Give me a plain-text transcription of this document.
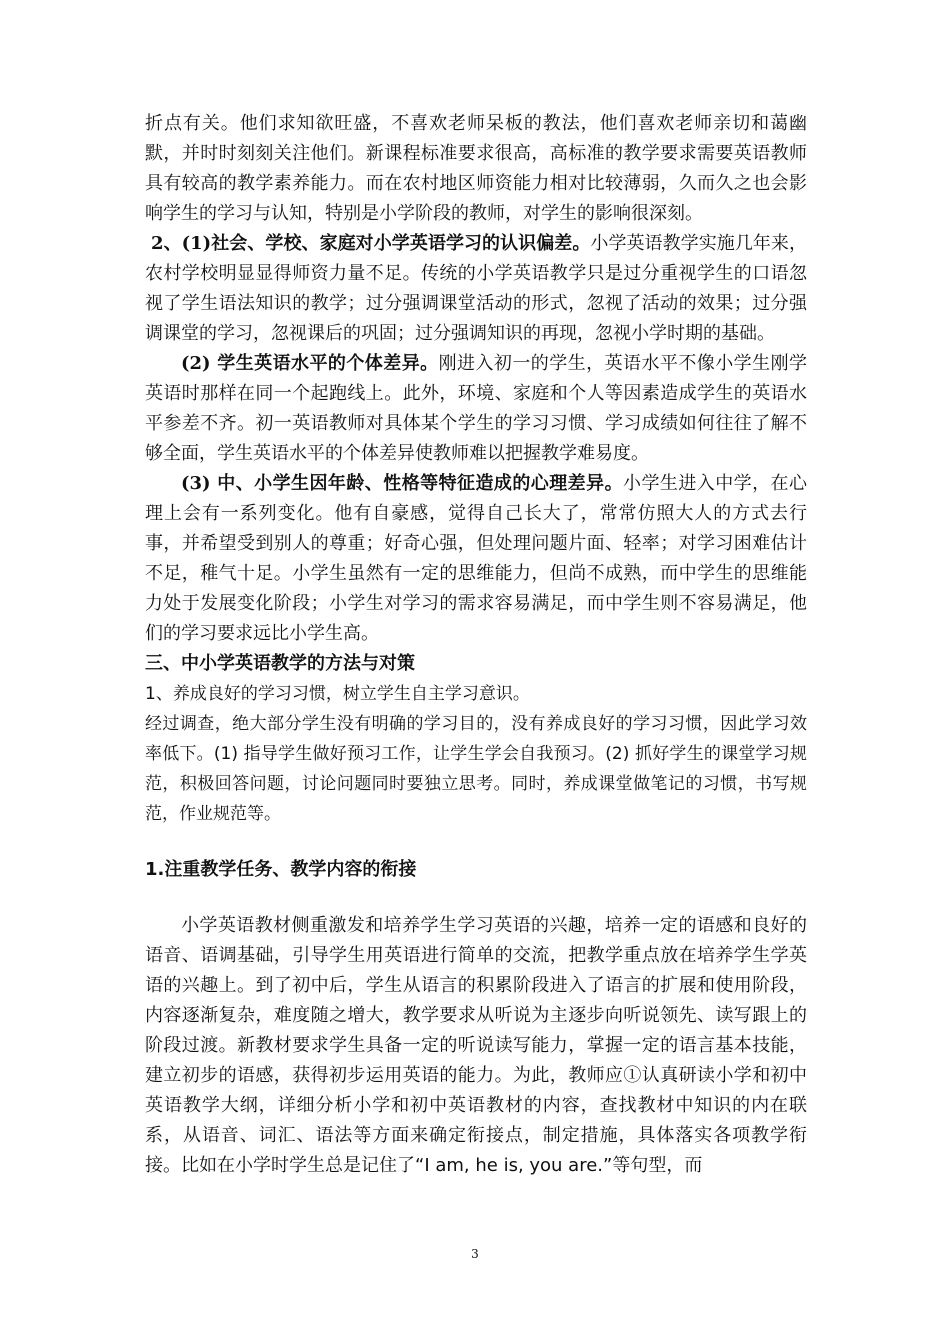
折点有关。他们求知欲旺盛，不喜欢老师呆板的教法，他们喜欢老师亲切和蔼幽默，并时时刻刻关注他们。新课程标准要求很高，高标准的教学要求需要英语教师具有较高的教学素养能力。而在农村地区师资能力相对比较薄弱，久而久之也会影响学生的学习与认知，特别是小学阶段的教师，对学生的影响很深刻。

2、(1)社会、学校、家庭对小学英语学习的认识偏差。小学英语教学实施几年来，农村学校明显显得师资力量不足。传统的小学英语教学只是过分重视学生的口语忽视了学生语法知识的教学；过分强调课堂活动的形式，忽视了活动的效果；过分强调课堂的学习，忽视课后的巩固；过分强调知识的再现，忽视小学时期的基础。

(2) 学生英语水平的个体差异。刚进入初一的学生，英语水平不像小学生刚学英语时那样在同一个起跑线上。此外，环境、家庭和个人等因素造成学生的英语水平参差不齐。初一英语教师对具体某个学生的学习习惯、学习成绩如何往往了解不够全面，学生英语水平的个体差异使教师难以把握教学难易度。

(3) 中、小学生因年龄、性格等特征造成的心理差异。小学生进入中学，在心理上会有一系列变化。他有自豪感，觉得自己长大了，常常仿照大人的方式去行事，并希望受到别人的尊重；好奇心强，但处理问题片面、轻率；对学习困难估计不足，稚气十足。小学生虽然有一定的思维能力，但尚不成熟，而中学生的思维能力处于发展变化阶段；小学生对学习的需求容易满足，而中学生则不容易满足，他们的学习要求远比小学生高。

三、中小学英语教学的方法与对策

1、养成良好的学习习惯，树立学生自主学习意识。

经过调查，绝大部分学生没有明确的学习目的，没有养成良好的学习习惯，因此学习效率低下。(1) 指导学生做好预习工作，让学生学会自我预习。(2) 抓好学生的课堂学习规范，积极回答问题，讨论问题同时要独立思考。同时，养成课堂做笔记的习惯，书写规范，作业规范等。

1.注重教学任务、教学内容的衔接

小学英语教材侧重激发和培养学生学习英语的兴趣，培养一定的语感和良好的语音、语调基础，引导学生用英语进行简单的交流，把教学重点放在培养学生学英语的兴趣上。到了初中后，学生从语言的积累阶段进入了语言的扩展和使用阶段，内容逐渐复杂，难度随之增大，教学要求从听说为主逐步向听说领先、读写跟上的阶段过渡。新教材要求学生具备一定的听说读写能力，掌握一定的语言基本技能，建立初步的语感，获得初步运用英语的能力。为此，教师应①认真研读小学和初中英语教学大纲，详细分析小学和初中英语教材的内容，查找教材中知识的内在联系，从语音、词汇、语法等方面来确定衔接点，制定措施，具体落实各项教学衔接。比如在小学时学生总是记住了“I am, he is, you are.”等句型，而

3
